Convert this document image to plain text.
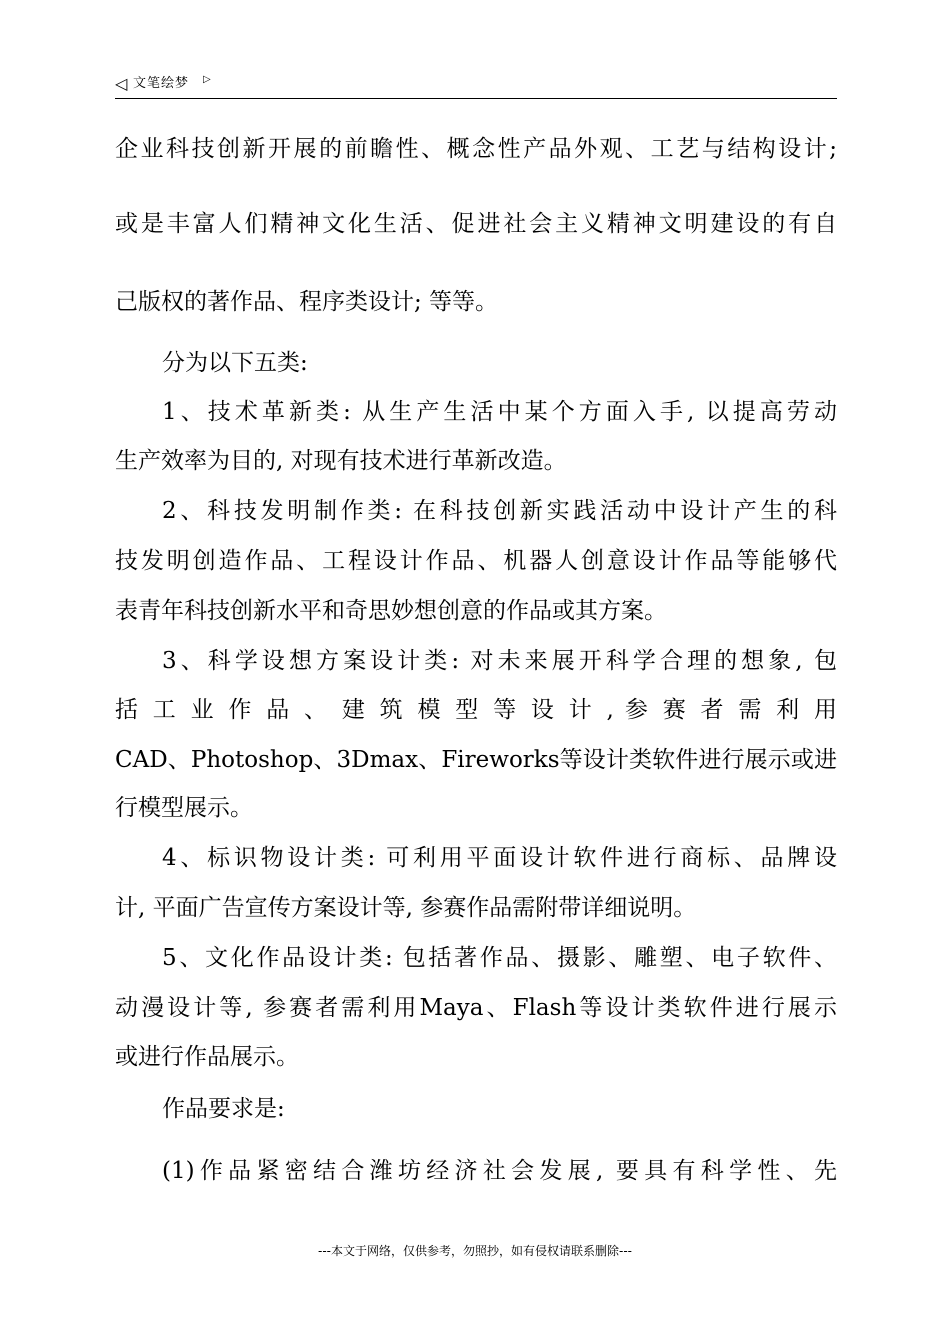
◁ 文笔绘梦 ▷
企业科技创新开展的前瞻性、概念性产品外观、工艺与结构设计;
或是丰富人们精神文化生活、促进社会主义精神文明建设的有自
己版权的著作品、程序类设计; 等等。
分为以下五类:
1、技术革新类: 从生产生活中某个方面入手, 以提高劳动
生产效率为目的, 对现有技术进行革新改造。
2、科技发明制作类: 在科技创新实践活动中设计产生的科
技发明创造作品、工程设计作品、机器人创意设计作品等能够代
表青年科技创新水平和奇思妙想创意的作品或其方案。
3、科学设想方案设计类: 对未来展开科学合理的想象, 包
括 工 业 作 品 、 建 筑 模 型 等 设 计 , 参 赛 者 需 利 用
CAD、Photoshop、3Dmax、Fireworks等设计类软件进行展示或进
行模型展示。
4、标识物设计类: 可利用平面设计软件进行商标、品牌设
计, 平面广告宣传方案设计等, 参赛作品需附带详细说明。
5、文化作品设计类: 包括著作品、摄影、雕塑、电子软件、
动漫设计等, 参赛者需利用Maya、Flash等设计类软件进行展示
或进行作品展示。
作品要求是:
(1)作品紧密结合潍坊经济社会发展, 要具有科学性、先
---本文于网络，仅供参考，勿照抄，如有侵权请联系删除---
